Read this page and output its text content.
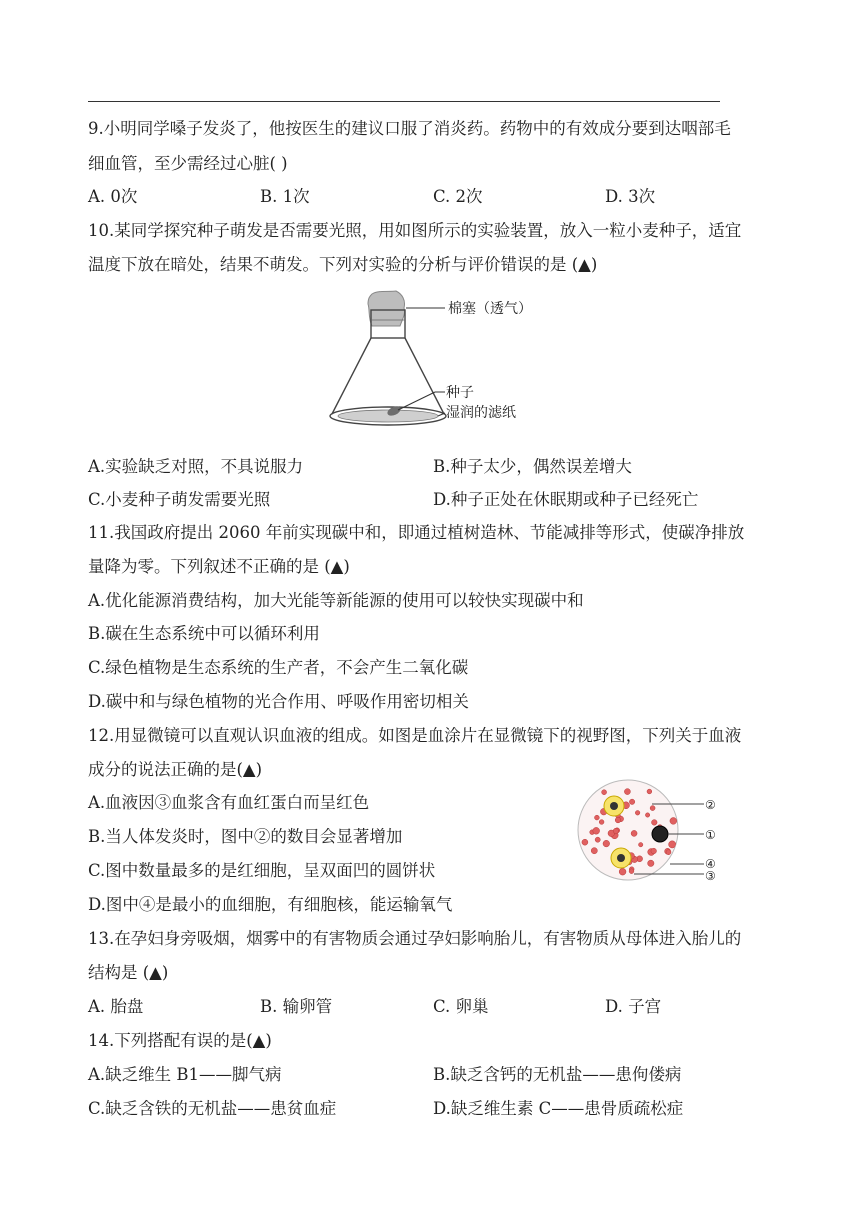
9.小明同学嗓子发炎了，他按医生的建议口服了消炎药。药物中的有效成分要到达咽部毛
细血管，至少需经过心脏( )
A. 0次	B. 1次	C. 2次	D. 3次
10.某同学探究种子萌发是否需要光照，用如图所示的实验装置，放入一粒小麦种子，适宜
温度下放在暗处，结果不萌发。下列对实验的分析与评价错误的是 (▲)
棉塞（透气）
种子
湿润的滤纸
A.实验缺乏对照，不具说服力	B.种子太少，偶然误差增大
C.小麦种子萌发需要光照	D.种子正处在休眠期或种子已经死亡
11.我国政府提出 2060 年前实现碳中和，即通过植树造林、节能减排等形式，使碳净排放
量降为零。下列叙述不正确的是 (▲)
A.优化能源消费结构，加大光能等新能源的使用可以较快实现碳中和
B.碳在生态系统中可以循环利用
C.绿色植物是生态系统的生产者，不会产生二氧化碳
D.碳中和与绿色植物的光合作用、呼吸作用密切相关
12.用显微镜可以直观认识血液的组成。如图是血涂片在显微镜下的视野图，下列关于血液
成分的说法正确的是(▲)
A.血液因③血浆含有血红蛋白而呈红色
B.当人体发炎时，图中②的数目会显著增加
C.图中数量最多的是红细胞，呈双面凹的圆饼状
D.图中④是最小的血细胞，有细胞核，能运输氧气
②
①
④
③
13.在孕妇身旁吸烟，烟雾中的有害物质会通过孕妇影响胎儿，有害物质从母体进入胎儿的
结构是 (▲)
A. 胎盘	B. 输卵管	C. 卵巢	D. 子宫
14.下列搭配有误的是(▲)
A.缺乏维生 B1——脚气病	B.缺乏含钙的无机盐——患佝偻病
C.缺乏含铁的无机盐——患贫血症	D.缺乏维生素 C——患骨质疏松症
